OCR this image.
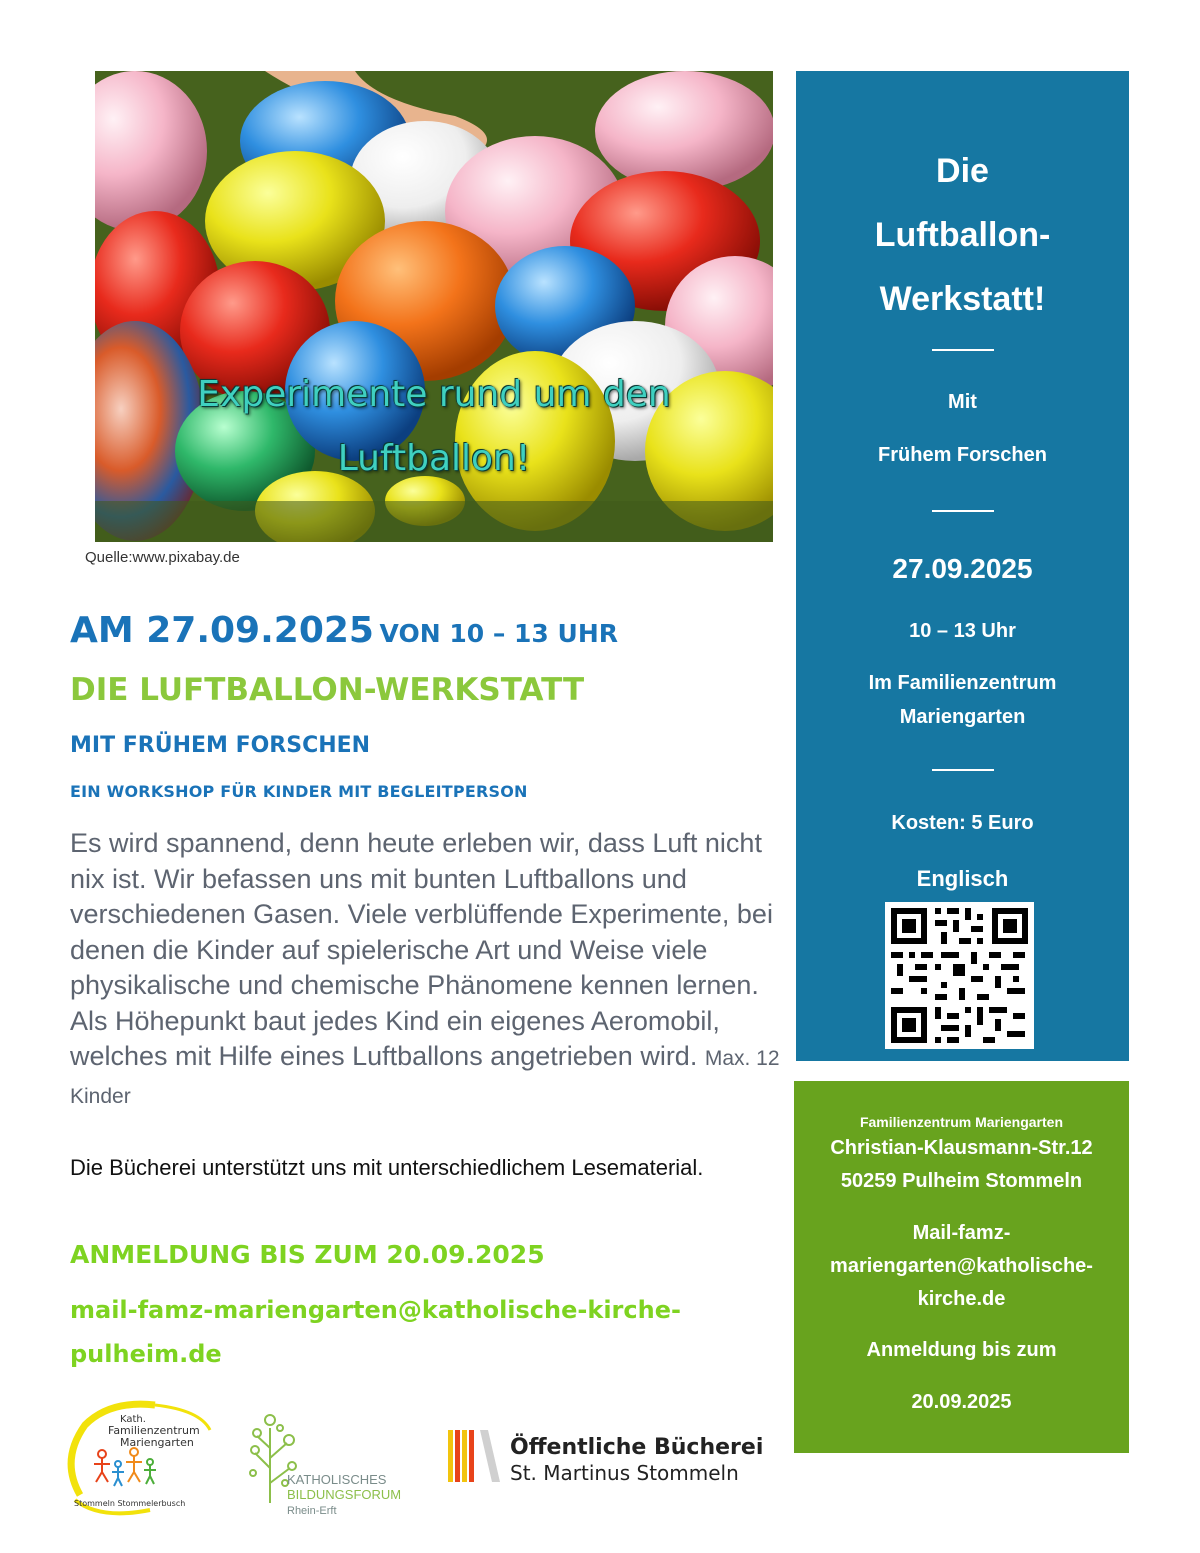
Experimente rund um den
Luftballon!
Quelle:www.pixabay.de
AM 27.09.2025 VON 10 – 13 UHR
DIE LUFTBALLON-WERKSTATT
MIT FRÜHEM FORSCHEN
EIN WORKSHOP FÜR KINDER MIT BEGLEITPERSON
Es wird spannend, denn heute erleben wir, dass Luft nicht nix ist. Wir befassen uns mit bunten Luftballons und verschiedenen Gasen. Viele verblüffende Experimente, bei denen die Kinder auf spielerische Art und Weise viele physikalische und chemische Phänomene kennen lernen. Als Höhepunkt baut jedes Kind ein eigenes Aeromobil, welches mit Hilfe eines Luftballons angetrieben wird. Max. 12 Kinder
Die Bücherei unterstützt uns mit unterschiedlichem Lesematerial.
ANMELDUNG BIS ZUM 20.09.2025
mail-famz-mariengarten@katholische-kirche-pulheim.de
Die
Luftballon-
Werkstatt!
Mit
Frühem Forschen
27.09.2025
10 – 13 Uhr
Im Familienzentrum
Mariengarten
Kosten: 5 Euro
Englisch
Familienzentrum Mariengarten
Christian-Klausmann-Str.12
50259 Pulheim Stommeln
Mail-famz-
mariengarten@katholische-
kirche.de
Anmeldung bis zum
20.09.2025
Kath.
Familienzentrum
Mariengarten
Stommeln Stommelerbusch
KATHOLISCHES
BILDUNGSFORUM
Rhein-Erft
Öffentliche Bücherei
St. Martinus Stommeln
